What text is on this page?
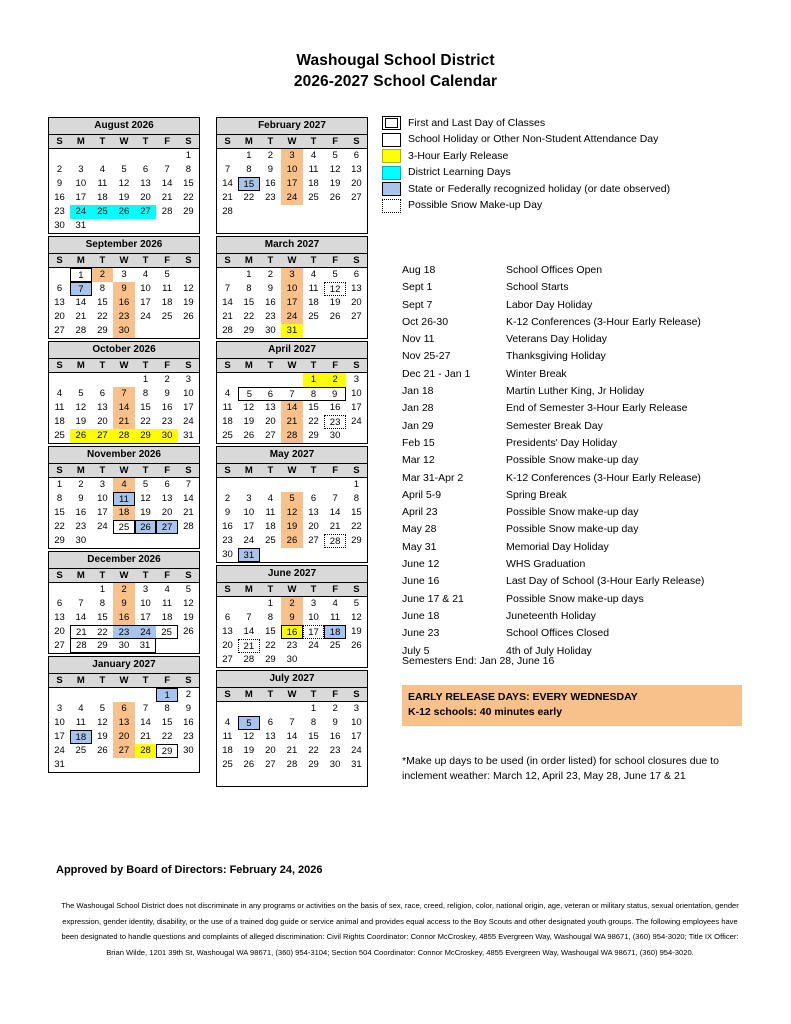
Washougal School District
2026-2027 School Calendar
August 2026
S	M	T	W	T	F	S

						1

2	3	4	5	6	7	8

9	10	11	12	13	14	15

16	17	18	19	20	21	22

23	24	25	26	27	28	29

30	31					

September 2026
S	M	T	W	T	F	S

	1	2	3	4	5	

6	7	8	9	10	11	12

13	14	15	16	17	18	19

20	21	22	23	24	25	26

27	28	29	30			

October 2026
S	M	T	W	T	F	S

				1	2	3

4	5	6	7	8	9	10

11	12	13	14	15	16	17

18	19	20	21	22	23	24

25	26	27	28	29	30	31
November 2026
S	M	T	W	T	F	S

1	2	3	4	5	6	7

8	9	10	11	12	13	14

15	16	17	18	19	20	21

22	23	24	25	26	27	28

29	30					

December 2026
S	M	T	W	T	F	S

		1	2	3	4	5

6	7	8	9	10	11	12

13	14	15	16	17	18	19

20	21	22	23	24	25	26

27	28	29	30	31		

January 2027
S	M	T	W	T	F	S

					1	2

3	4	5	6	7	8	9

10	11	12	13	14	15	16

17	18	19	20	21	22	23

24	25	26	27	28	29	30

31						

February 2027
S	M	T	W	T	F	S

	1	2	3	4	5	6

7	8	9	10	11	12	13

14	15	16	17	18	19	20

21	22	23	24	25	26	27

28						

March 2027
S	M	T	W	T	F	S

	1	2	3	4	5	6

7	8	9	10	11	12	13

14	15	16	17	18	19	20

21	22	23	24	25	26	27

28	29	30	31			

April 2027
S	M	T	W	T	F	S

				1	2	3

4	5	6	7	8	9	10

11	12	13	14	15	16	17

18	19	20	21	22	23	24

25	26	27	28	29	30	

May 2027
S	M	T	W	T	F	S

						1

2	3	4	5	6	7	8

9	10	11	12	13	14	15

16	17	18	19	20	21	22

23	24	25	26	27	28	29

30	31					

June 2027
S	M	T	W	T	F	S

		1	2	3	4	5

6	7	8	9	10	11	12

13	14	15	16	17	18	19

20	21	22	23	24	25	26

27	28	29	30			

July 2027
S	M	T	W	T	F	S

				1	2	3

4	5	6	7	8	9	10

11	12	13	14	15	16	17

18	19	20	21	22	23	24

25	26	27	28	29	30	31

First and Last Day of Classes
School Holiday or Other Non-Student Attendance Day
3-Hour Early Release
District Learning Days
State or Federally recognized holiday (or date observed)
Possible Snow Make-up Day
Aug 18	School Offices Open
Sept 1	School Starts
Sept 7	Labor Day Holiday
Oct 26-30	K-12 Conferences (3-Hour Early Release)
Nov 11	Veterans Day Holiday
Nov 25-27	Thanksgiving Holiday
Dec 21 - Jan 1	Winter Break
Jan 18	Martin Luther King, Jr Holiday
Jan 28	End of Semester 3-Hour Early Release
Jan 29	Semester Break Day
Feb 15	Presidents' Day Holiday
Mar 12	Possible Snow make-up day
Mar 31-Apr 2	K-12 Conferences (3-Hour Early Release)
April 5-9	Spring Break
April 23	Possible Snow make-up day
May 28	Possible Snow make-up day
May 31	Memorial Day Holiday
June 12	WHS Graduation
June 16	Last Day of School (3-Hour Early Release)
June 17 & 21	Possible Snow make-up days
June 18	Juneteenth Holiday
June 23	School Offices Closed
July 5	4th of July Holiday
Semesters End: Jan 28, June 16
EARLY RELEASE DAYS: EVERY WEDNESDAY
K-12 schools: 40 minutes early
*Make up days to be used (in order listed) for school closures due to inclement weather: March 12, April 23, May 28, June 17 & 21
Approved by Board of Directors: February 24, 2026
The Washougal School District does not discriminate in any programs or activities on the basis of sex, race, creed, religion, color, national origin, age, veteran or military status, sexual orientation, gender expression, gender identity, disability, or the use of a trained dog guide or service animal and provides equal access to the Boy Scouts and other designated youth groups. The following employees have been designated to handle questions and complaints of alleged discrimination: Civil Rights Coordinator: Connor McCroskey, 4855 Evergreen Way, Washougal WA 98671, (360) 954-3020; Title IX Officer: Brian Wilde, 1201 39th St, Washougal WA 98671, (360) 954-3104; Section 504 Coordinator: Connor McCroskey, 4855 Evergreen Way, Washougal WA 98671, (360) 954-3020.
